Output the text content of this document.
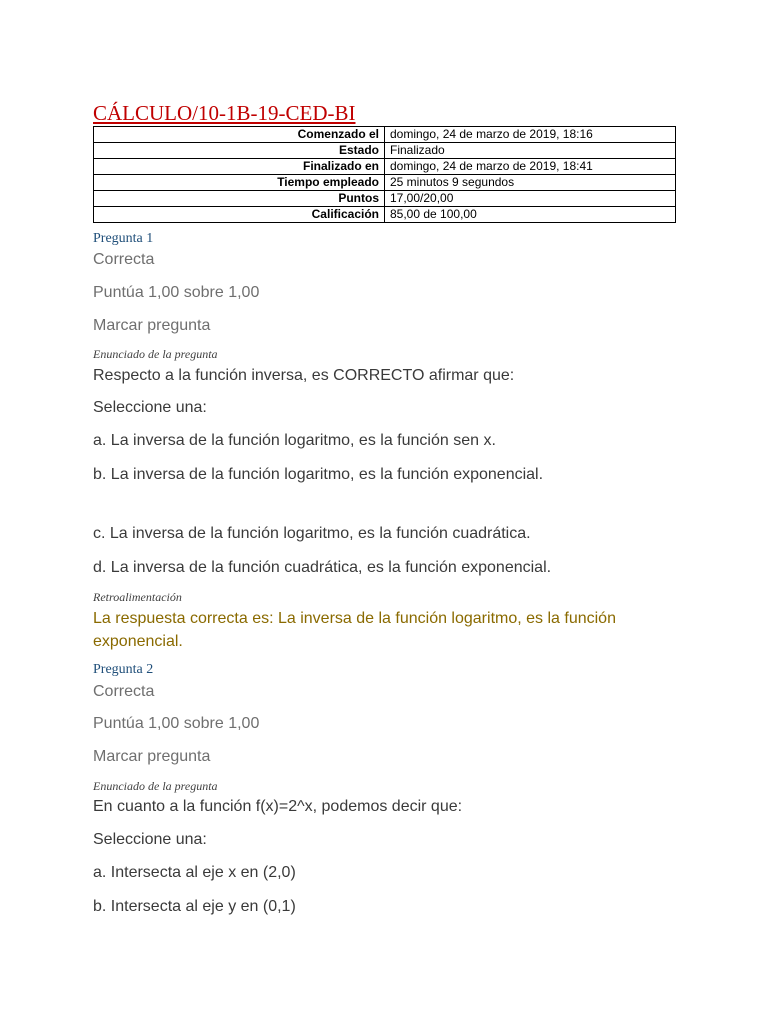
CÁLCULO/10-1B-19-CED-BI
Comenzado el	domingo, 24 de marzo de 2019, 18:16
Estado	Finalizado
Finalizado en	domingo, 24 de marzo de 2019, 18:41
Tiempo empleado	25 minutos 9 segundos
Puntos	17,00/20,00
Calificación	85,00 de 100,00

Pregunta 1

Correcta

Puntúa 1,00 sobre 1,00

Marcar pregunta

Enunciado de la pregunta

Respecto a la función inversa, es CORRECTO afirmar que:

Seleccione una:

a. La inversa de la función logaritmo, es la función sen x.

b. La inversa de la función logaritmo, es la función exponencial.

c. La inversa de la función logaritmo, es la función cuadrática.

d. La inversa de la función cuadrática, es la función exponencial.

Retroalimentación

La respuesta correcta es: La inversa de la función logaritmo, es la función exponencial.

Pregunta 2

Correcta

Puntúa 1,00 sobre 1,00

Marcar pregunta

Enunciado de la pregunta

En cuanto a la función f(x)=2^x, podemos decir que:

Seleccione una:

a. Intersecta al eje x en (2,0)

b. Intersecta al eje y en (0,1)
